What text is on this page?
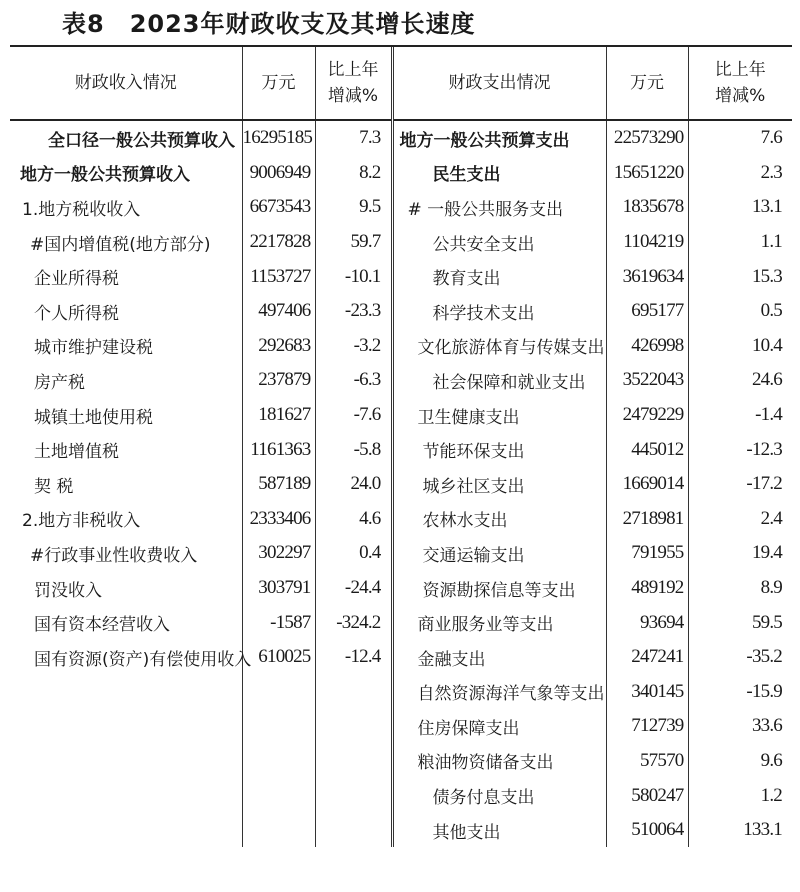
表8　2023年财政收支及其增长速度
财政收入情况	万元	比上年增减%	财政支出情况	万元	比上年增减%
全口径一般公共预算收入	16295185	7.3	地方一般公共预算支出	22573290	7.6
地方一般公共预算收入	9006949	8.2	民生支出	15651220	2.3
1.地方税收收入	6673543	9.5	# 一般公共服务支出	1835678	13.1
#国内增值税(地方部分)	2217828	59.7	公共安全支出	1104219	1.1
企业所得税	1153727	-10.1	教育支出	3619634	15.3
个人所得税	497406	-23.3	科学技术支出	695177	0.5
城市维护建设税	292683	-3.2	文化旅游体育与传媒支出	426998	10.4
房产税	237879	-6.3	社会保障和就业支出	3522043	24.6
城镇土地使用税	181627	-7.6	卫生健康支出	2479229	-1.4
土地增值税	1161363	-5.8	节能环保支出	445012	-12.3
契 税	587189	24.0	城乡社区支出	1669014	-17.2
2.地方非税收入	2333406	4.6	农林水支出	2718981	2.4
#行政事业性收费收入	302297	0.4	交通运输支出	791955	19.4
罚没收入	303791	-24.4	资源勘探信息等支出	489192	8.9
国有资本经营收入	-1587	-324.2	商业服务业等支出	93694	59.5
国有资源(资产)有偿使用收入	610025	-12.4	金融支出	247241	-35.2
			自然资源海洋气象等支出	340145	-15.9
			住房保障支出	712739	33.6
			粮油物资储备支出	57570	9.6
			债务付息支出	580247	1.2
			其他支出	510064	133.1
